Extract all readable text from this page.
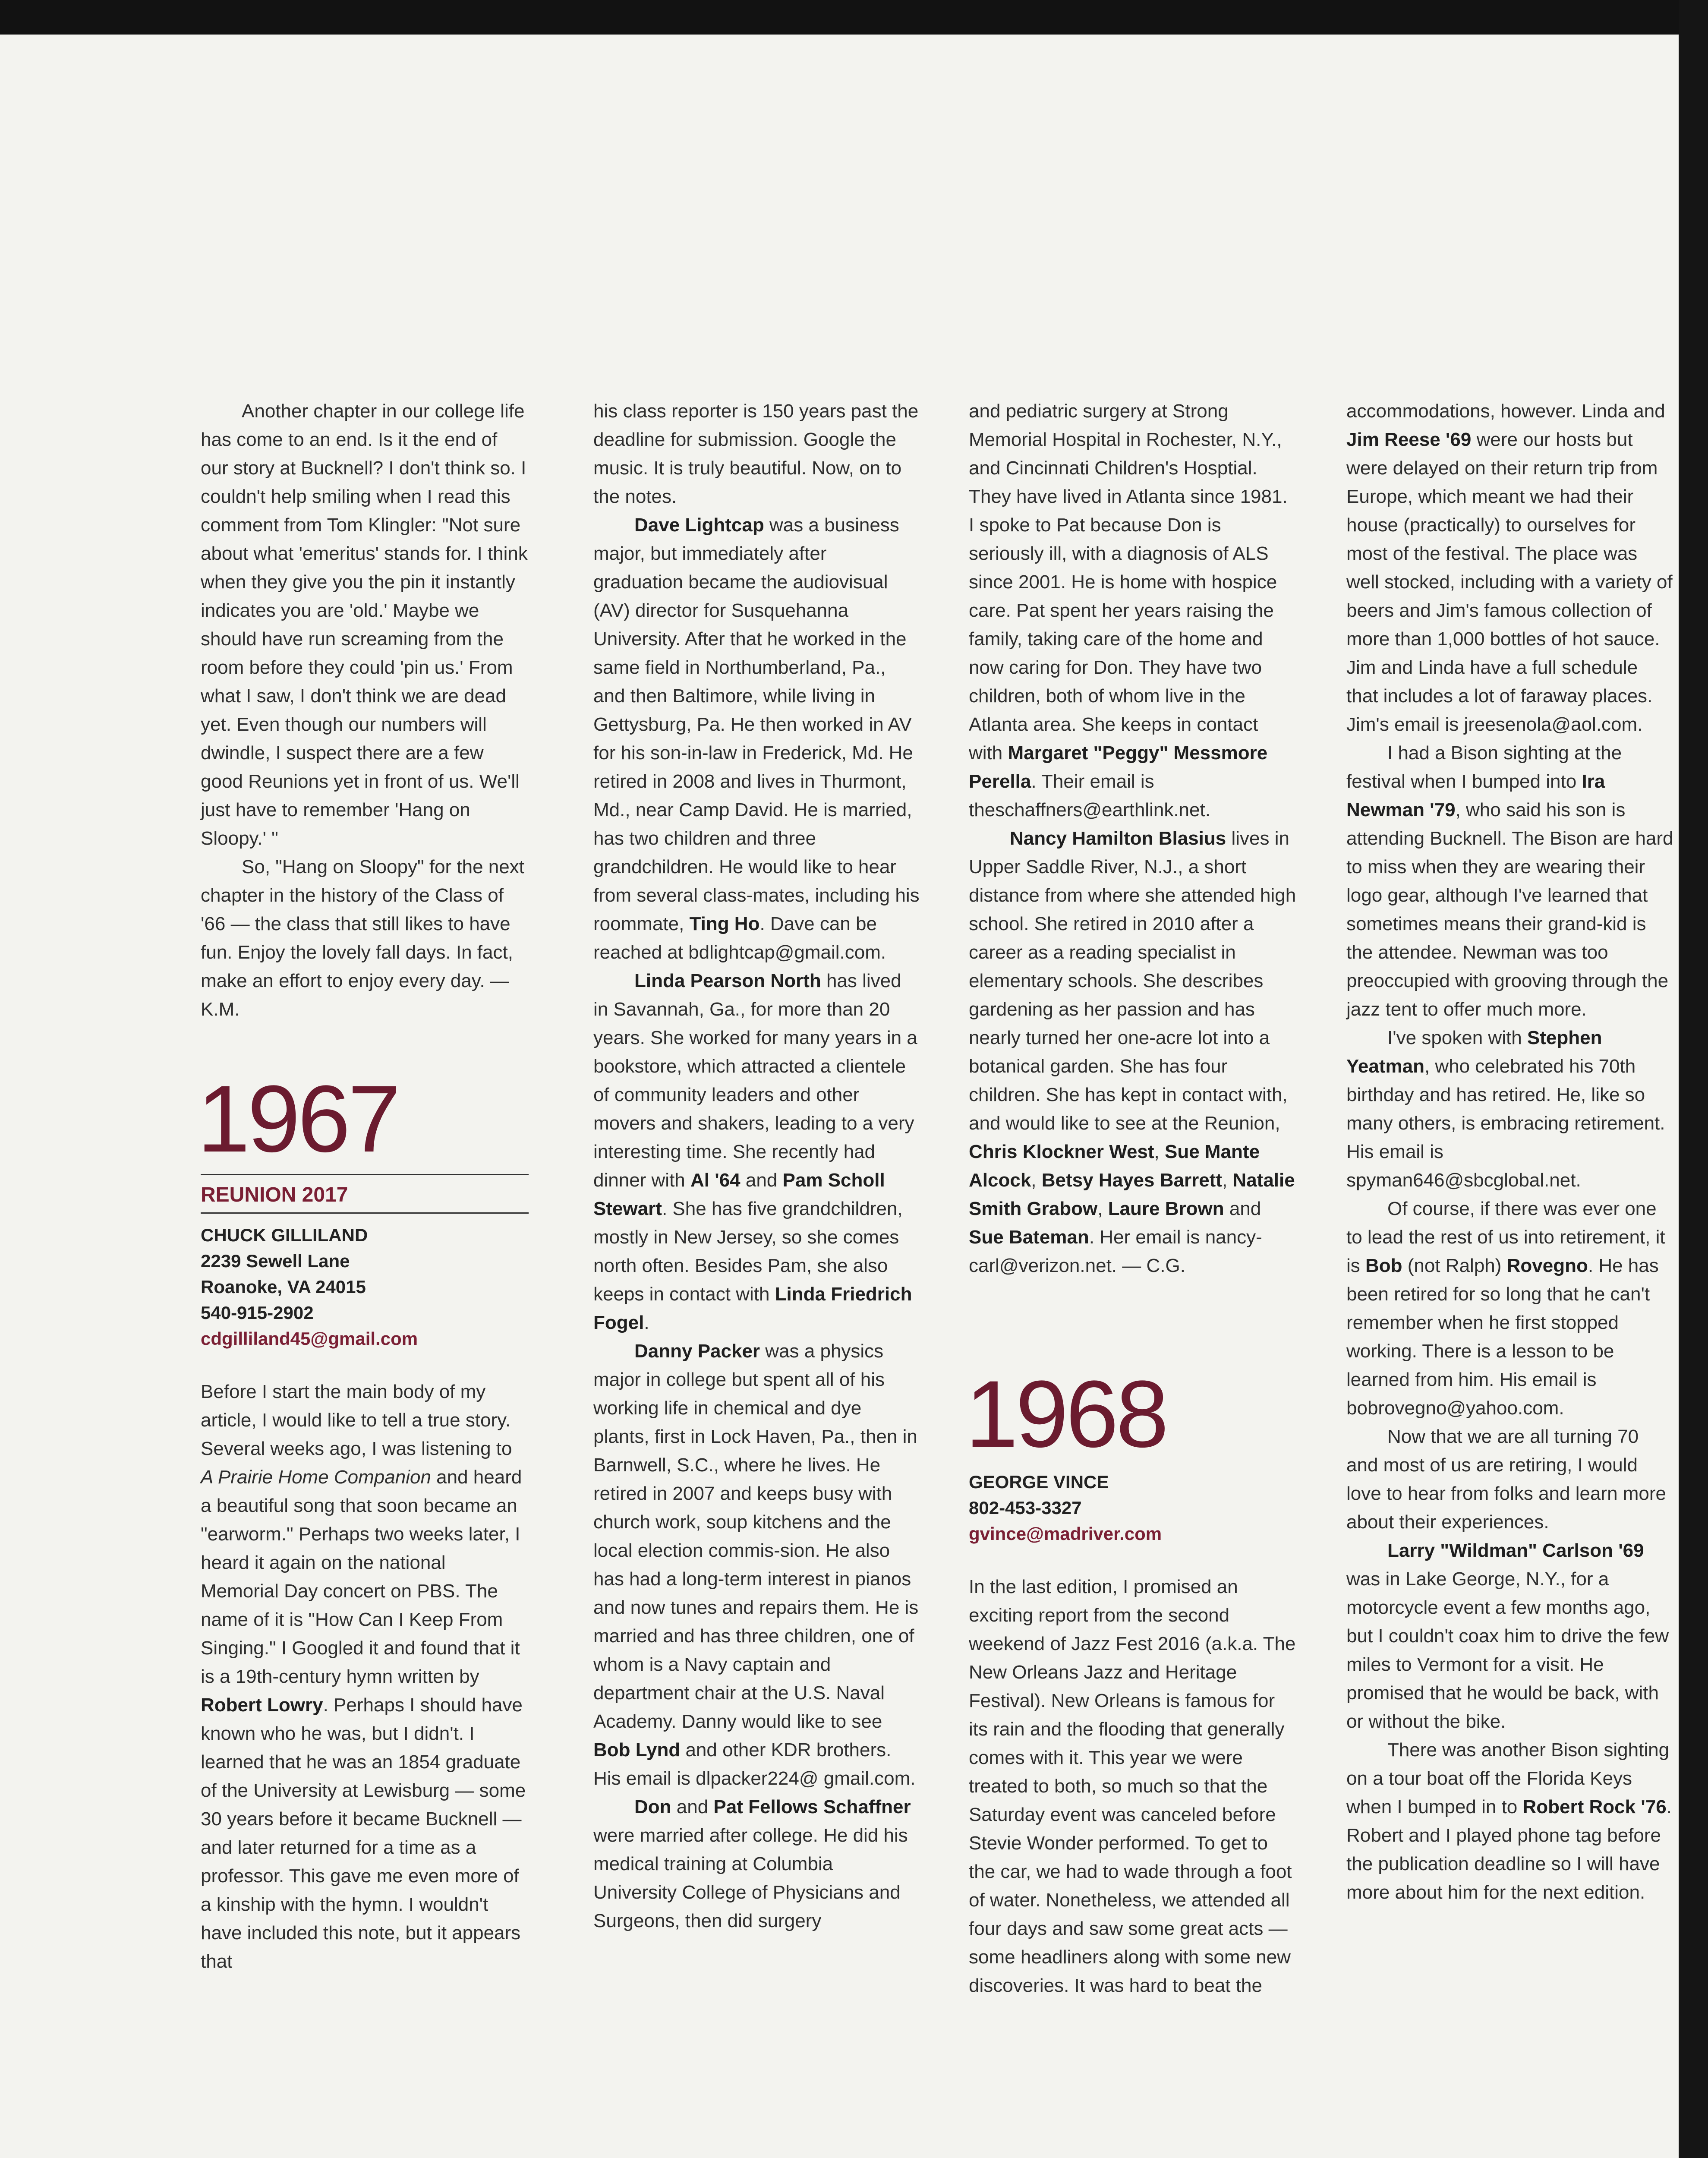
Another chapter in our college life has come to an end. Is it the end of our story at Bucknell? I don't think so. I couldn't help smiling when I read this comment from Tom Klingler: "Not sure about what 'emeritus' stands for. I think when they give you the pin it instantly indicates you are 'old.' Maybe we should have run screaming from the room before they could 'pin us.' From what I saw, I don't think we are dead yet. Even though our numbers will dwindle, I suspect there are a few good Reunions yet in front of us. We'll just have to remember 'Hang on Sloopy.' "

So, "Hang on Sloopy" for the next chapter in the history of the Class of '66 — the class that still likes to have fun. Enjoy the lovely fall days. In fact, make an effort to enjoy every day. — K.M.

1967
REUNION 2017
CHUCK GILLILAND
2239 Sewell Lane
Roanoke, VA 24015
540-915-2902
cdgilliland45@gmail.com

Before I start the main body of my article, I would like to tell a true story. Several weeks ago, I was listening to A Prairie Home Companion and heard a beautiful song that soon became an "earworm." Perhaps two weeks later, I heard it again on the national Memorial Day concert on PBS. The name of it is "How Can I Keep From Singing." I Googled it and found that it is a 19th-century hymn written by Robert Lowry. Perhaps I should have known who he was, but I didn't. I learned that he was an 1854 graduate of the University at Lewisburg — some 30 years before it became Bucknell — and later returned for a time as a professor. This gave me even more of a kinship with the hymn. I wouldn't have included this note, but it appears that

his class reporter is 150 years past the deadline for submission. Google the music. It is truly beautiful. Now, on to the notes.

Dave Lightcap was a business major, but immediately after graduation became the audiovisual (AV) director for Susquehanna University. After that he worked in the same field in Northumberland, Pa., and then Baltimore, while living in Gettysburg, Pa. He then worked in AV for his son-in-law in Frederick, Md. He retired in 2008 and lives in Thurmont, Md., near Camp David. He is married, has two children and three grandchildren. He would like to hear from several class-mates, including his roommate, Ting Ho. Dave can be reached at bdlightcap@gmail.com.

Linda Pearson North has lived in Savannah, Ga., for more than 20 years. She worked for many years in a bookstore, which attracted a clientele of community leaders and other movers and shakers, leading to a very interesting time. She recently had dinner with Al '64 and Pam Scholl Stewart. She has five grandchildren, mostly in New Jersey, so she comes north often. Besides Pam, she also keeps in contact with Linda Friedrich Fogel.

Danny Packer was a physics major in college but spent all of his working life in chemical and dye plants, first in Lock Haven, Pa., then in Barnwell, S.C., where he lives. He retired in 2007 and keeps busy with church work, soup kitchens and the local election commis-sion. He also has had a long-term interest in pianos and now tunes and repairs them. He is married and has three children, one of whom is a Navy captain and department chair at the U.S. Naval Academy. Danny would like to see Bob Lynd and other KDR brothers. His email is dlpacker224@ gmail.com.

Don and Pat Fellows Schaffner were married after college. He did his medical training at Columbia University College of Physicians and Surgeons, then did surgery

and pediatric surgery at Strong Memorial Hospital in Rochester, N.Y., and Cincinnati Children's Hosptial. They have lived in Atlanta since 1981. I spoke to Pat because Don is seriously ill, with a diagnosis of ALS since 2001. He is home with hospice care. Pat spent her years raising the family, taking care of the home and now caring for Don. They have two children, both of whom live in the Atlanta area. She keeps in contact with Margaret "Peggy" Messmore Perella. Their email is theschaffners@earthlink.net.

Nancy Hamilton Blasius lives in Upper Saddle River, N.J., a short distance from where she attended high school. She retired in 2010 after a career as a reading specialist in elementary schools. She describes gardening as her passion and has nearly turned her one-acre lot into a botanical garden. She has four children. She has kept in contact with, and would like to see at the Reunion, Chris Klockner West, Sue Mante Alcock, Betsy Hayes Barrett, Natalie Smith Grabow, Laure Brown and Sue Bateman. Her email is nancy-carl@verizon.net. — C.G.

1968
GEORGE VINCE
802-453-3327
gvince@madriver.com

In the last edition, I promised an exciting report from the second weekend of Jazz Fest 2016 (a.k.a. The New Orleans Jazz and Heritage Festival). New Orleans is famous for its rain and the flooding that generally comes with it. This year we were treated to both, so much so that the Saturday event was canceled before Stevie Wonder performed. To get to the car, we had to wade through a foot of water. Nonetheless, we attended all four days and saw some great acts — some headliners along with some new discoveries. It was hard to beat the

accommodations, however. Linda and Jim Reese '69 were our hosts but were delayed on their return trip from Europe, which meant we had their house (practically) to ourselves for most of the festival. The place was well stocked, including with a variety of beers and Jim's famous collection of more than 1,000 bottles of hot sauce. Jim and Linda have a full schedule that includes a lot of faraway places. Jim's email is jreesenola@aol.com.

I had a Bison sighting at the festival when I bumped into Ira Newman '79, who said his son is attending Bucknell. The Bison are hard to miss when they are wearing their logo gear, although I've learned that sometimes means their grand-kid is the attendee. Newman was too preoccupied with grooving through the jazz tent to offer much more.

I've spoken with Stephen Yeatman, who celebrated his 70th birthday and has retired. He, like so many others, is embracing retirement. His email is spyman646@sbcglobal.net.

Of course, if there was ever one to lead the rest of us into retirement, it is Bob (not Ralph) Rovegno. He has been retired for so long that he can't remember when he first stopped working. There is a lesson to be learned from him. His email is bobrovegno@yahoo.com.

Now that we are all turning 70 and most of us are retiring, I would love to hear from folks and learn more about their experiences.

Larry "Wildman" Carlson '69 was in Lake George, N.Y., for a motorcycle event a few months ago, but I couldn't coax him to drive the few miles to Vermont for a visit. He promised that he would be back, with or without the bike.

There was another Bison sighting on a tour boat off the Florida Keys when I bumped in to Robert Rock '76. Robert and I played phone tag before the publication deadline so I will have more about him for the next edition.
